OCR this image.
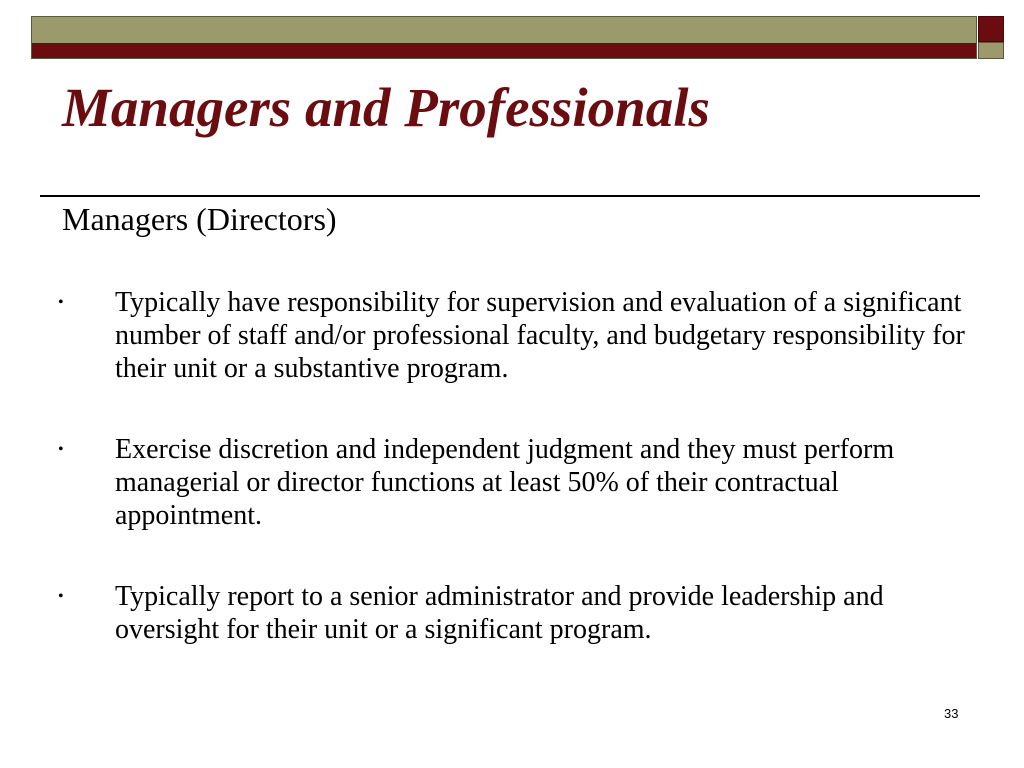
Managers and Professionals
Managers (Directors)
• Typically have responsibility for supervision and evaluation of a significant number of staff and/or professional faculty, and budgetary responsibility for their unit or a substantive program.
• Exercise discretion and independent judgment and they must perform managerial or director functions at least 50% of their contractual appointment.
• Typically report to a senior administrator and provide leadership and oversight for their unit or a significant program.
33
